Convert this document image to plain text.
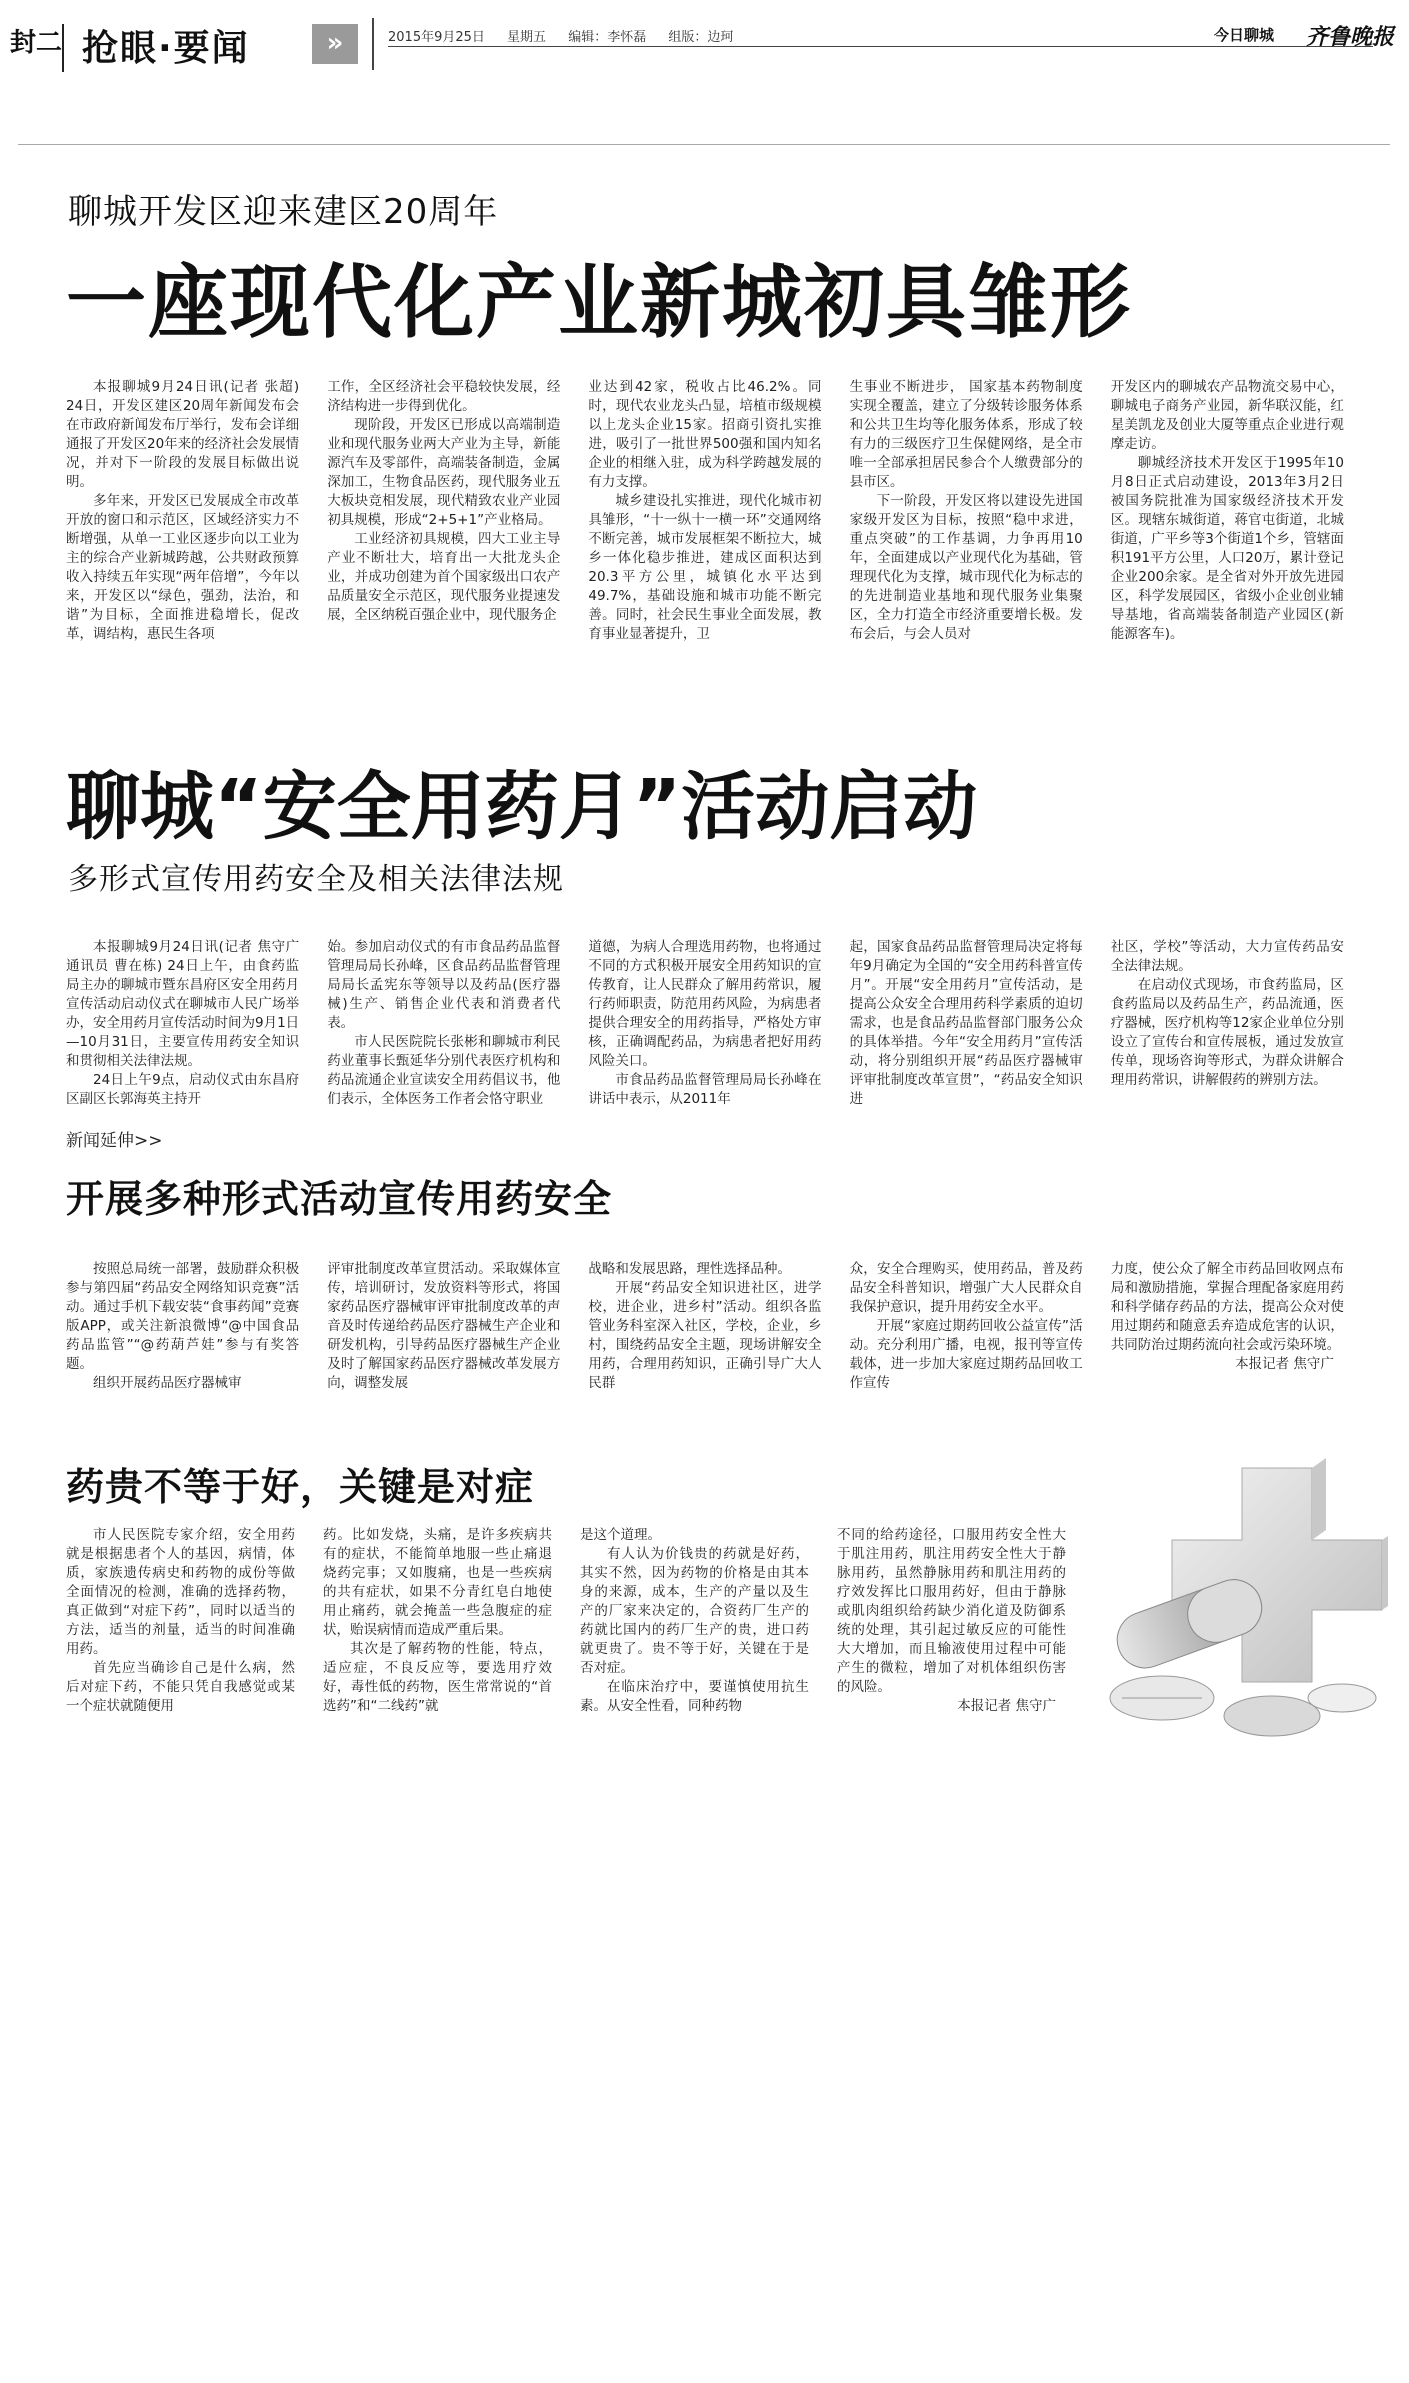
封二 抢眼·要闻	»	2015年9月25日 星期五 编辑：李怀磊 组版：边珂	今日聊城 齐鲁晚报
聊城开发区迎来建区20周年
一座现代化产业新城初具雏形

本报聊城9月24日讯(记者 张超) 24日，开发区建区20周年新闻发布会在市政府新闻发布厅举行，发布会详细通报了开发区20年来的经济社会发展情况，并对下一阶段的发展目标做出说明。

多年来，开发区已发展成全市改革开放的窗口和示范区，区域经济实力不断增强，从单一工业区逐步向以工业为主的综合产业新城跨越，公共财政预算收入持续五年实现“两年倍增”，今年以来，开发区以“绿色，强劲，法治，和谐”为目标，全面推进稳增长，促改革，调结构，惠民生各项

工作，全区经济社会平稳较快发展，经济结构进一步得到优化。

现阶段，开发区已形成以高端制造业和现代服务业两大产业为主导，新能源汽车及零部件，高端装备制造，金属深加工，生物食品医药，现代服务业五大板块竞相发展，现代精致农业产业园初具规模，形成“2+5+1”产业格局。

工业经济初具规模，四大工业主导产业不断壮大，培育出一大批龙头企业，并成功创建为首个国家级出口农产品质量安全示范区，现代服务业提速发展，全区纳税百强企业中，现代服务企

业达到42家，税收占比46.2%。同时，现代农业龙头凸显，培植市级规模以上龙头企业15家。招商引资扎实推进，吸引了一批世界500强和国内知名企业的相继入驻，成为科学跨越发展的有力支撑。

城乡建设扎实推进，现代化城市初具雏形，“十一纵十一横一环”交通网络不断完善，城市发展框架不断拉大，城乡一体化稳步推进，建成区面积达到20.3平方公里，城镇化水平达到49.7%，基础设施和城市功能不断完善。同时，社会民生事业全面发展，教育事业显著提升，卫

生事业不断进步， 国家基本药物制度实现全覆盖，建立了分级转诊服务体系和公共卫生均等化服务体系，形成了较有力的三级医疗卫生保健网络，是全市唯一全部承担居民参合个人缴费部分的县市区。

下一阶段，开发区将以建设先进国家级开发区为目标，按照“稳中求进，重点突破”的工作基调，力争再用10年，全面建成以产业现代化为基础，管理现代化为支撑，城市现代化为标志的的先进制造业基地和现代服务业集聚区，全力打造全市经济重要增长极。发布会后，与会人员对

开发区内的聊城农产品物流交易中心，聊城电子商务产业园，新华联汉能，红星美凯龙及创业大厦等重点企业进行观摩走访。

聊城经济技术开发区于1995年10月8日正式启动建设，2013年3月2日被国务院批准为国家级经济技术开发区。现辖东城街道，蒋官屯街道，北城街道，广平乡等3个街道1个乡，管辖面积191平方公里，人口20万，累计登记企业200余家。是全省对外开放先进园区，科学发展园区，省级小企业创业辅导基地，省高端装备制造产业园区(新能源客车)。

聊城“安全用药月”活动启动
多形式宣传用药安全及相关法律法规

本报聊城9月24日讯(记者 焦守广 通讯员 曹在栋) 24日上午，由食药监局主办的聊城市暨东昌府区安全用药月宣传活动启动仪式在聊城市人民广场举办，安全用药月宣传活动时间为9月1日—10月31日，主要宣传用药安全知识和贯彻相关法律法规。

24日上午9点，启动仪式由东昌府区副区长郭海英主持开

始。参加启动仪式的有市食品药品监督管理局局长孙峰，区食品药品监督管理局局长孟宪东等领导以及药品(医疗器械)生产、销售企业代表和消费者代表。

市人民医院院长张彬和聊城市利民药业董事长甄延华分别代表医疗机构和药品流通企业宣读安全用药倡议书，他们表示，全体医务工作者会恪守职业

道德，为病人合理选用药物，也将通过不同的方式积极开展安全用药知识的宣传教育，让人民群众了解用药常识，履行药师职责，防范用药风险，为病患者提供合理安全的用药指导，严格处方审核，正确调配药品，为病患者把好用药风险关口。

市食品药品监督管理局局长孙峰在讲话中表示，从2011年

起，国家食品药品监督管理局决定将每年9月确定为全国的“安全用药科普宣传月”。开展“安全用药月”宣传活动，是提高公众安全合理用药科学素质的迫切需求，也是食品药品监督部门服务公众的具体举措。今年“安全用药月”宣传活动，将分别组织开展“药品医疗器械审评审批制度改革宣贯”，“药品安全知识进

社区，学校”等活动，大力宣传药品安全法律法规。

在启动仪式现场，市食药监局，区食药监局以及药品生产，药品流通，医疗器械，医疗机构等12家企业单位分别设立了宣传台和宣传展板，通过发放宣传单，现场咨询等形式，为群众讲解合理用药常识，讲解假药的辨别方法。

新闻延伸>>
开展多种形式活动宣传用药安全

按照总局统一部署，鼓励群众积极参与第四届“药品安全网络知识竞赛”活动。通过手机下载安装“食事药闻”竞赛版APP，或关注新浪微博“@中国食品药品监管”“@药葫芦娃”参与有奖答题。

组织开展药品医疗器械审

评审批制度改革宣贯活动。采取媒体宣传，培训研讨，发放资料等形式，将国家药品医疗器械审评审批制度改革的声音及时传递给药品医疗器械生产企业和研发机构，引导药品医疗器械生产企业及时了解国家药品医疗器械改革发展方向，调整发展

战略和发展思路，理性选择品种。

开展“药品安全知识进社区，进学校，进企业，进乡村”活动。组织各监管业务科室深入社区，学校，企业，乡村，围绕药品安全主题，现场讲解安全用药，合理用药知识，正确引导广大人民群

众，安全合理购买，使用药品，普及药品安全科普知识，增强广大人民群众自我保护意识，提升用药安全水平。

开展“家庭过期药回收公益宣传”活动。充分利用广播，电视，报刊等宣传载体，进一步加大家庭过期药品回收工作宣传

力度，使公众了解全市药品回收网点布局和激励措施，掌握合理配备家庭用药和科学储存药品的方法，提高公众对使用过期药和随意丢弃造成危害的认识，共同防治过期药流向社会或污染环境。

本报记者 焦守广

药贵不等于好，关键是对症

市人民医院专家介绍，安全用药就是根据患者个人的基因，病情，体质，家族遗传病史和药物的成份等做全面情况的检测，准确的选择药物，真正做到“对症下药”，同时以适当的方法，适当的剂量，适当的时间准确用药。

首先应当确诊自己是什么病，然后对症下药，不能只凭自我感觉或某一个症状就随便用

药。比如发烧，头痛，是许多疾病共有的症状，不能简单地服一些止痛退烧药完事；又如腹痛，也是一些疾病的共有症状，如果不分青红皂白地使用止痛药，就会掩盖一些急腹症的症状，贻误病情而造成严重后果。

其次是了解药物的性能，特点，适应症，不良反应等，要选用疗效好，毒性低的药物，医生常常说的“首选药”和“二线药”就

是这个道理。

有人认为价钱贵的药就是好药，其实不然，因为药物的价格是由其本身的来源，成本，生产的产量以及生产的厂家来决定的，合资药厂生产的药就比国内的药厂生产的贵，进口药就更贵了。贵不等于好，关键在于是否对症。

在临床治疗中，要谨慎使用抗生素。从安全性看，同种药物

不同的给药途径，口服用药安全性大于肌注用药，肌注用药安全性大于静脉用药，虽然静脉用药和肌注用药的疗效发挥比口服用药好，但由于静脉或肌肉组织给药缺少消化道及防御系统的处理，其引起过敏反应的可能性大大增加，而且输液使用过程中可能产生的微粒，增加了对机体组织伤害的风险。

本报记者 焦守广
